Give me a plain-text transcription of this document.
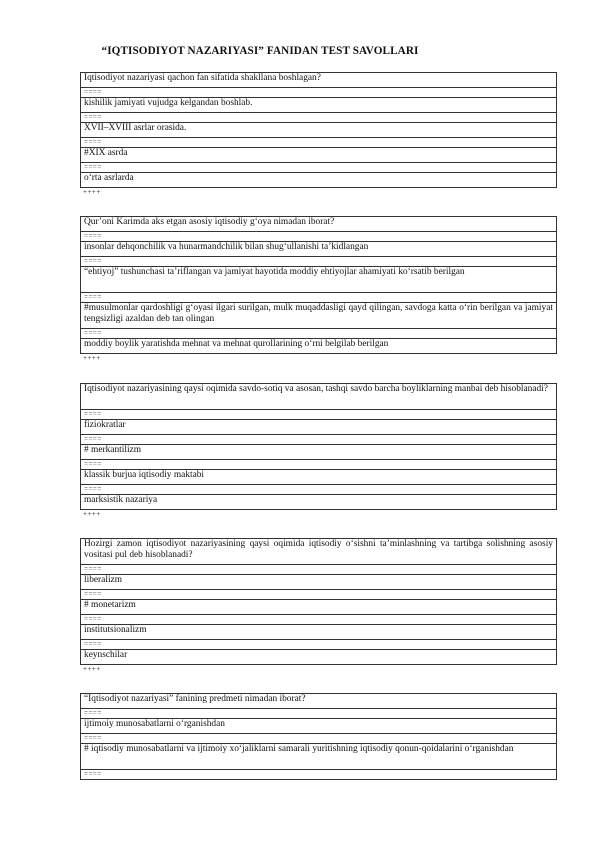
“IQTISODIYOT NAZARIYASI” FANIDAN TEST SAVOLLARI
Iqtisodiyot nazariyasi qachon fan sifatida shakllana boshlagan?
====
kishilik jamiyati vujudga kelgandan boshlab.
====
XVII–XVIII asrlar orasida.
====
#XIX asrda
====
o‘rta asrlarda
++++
Qur’oni Karimda aks etgan asosiy iqtisodiy g‘oya nimadan iborat?
====
insonlar dehqonchilik va hunarmandchilik bilan shug‘ullanishi ta’kidlangan
====
“ehtiyoj” tushunchasi ta’riflangan va jamiyat hayotida moddiy ehtiyojlar ahamiyati ko‘rsatib berilgan
====
#musulmonlar qardoshligi g‘oyasi ilgari surilgan, mulk muqaddasligi qayd qilingan, savdoga katta o‘rin berilgan va jamiyat tengsizligi azaldan deb tan olingan
====
moddiy boylik yaratishda mehnat va mehnat qurollarining o‘rni belgilab berilgan
++++
Iqtisodiyot nazariyasining qaysi oqimida savdo-sotiq va asosan, tashqi savdo barcha boyliklarning manbai deb hisoblanadi?
====
fiziokratlar
====
# merkantilizm
====
klassik burjua iqtisodiy maktabi
====
marksistik nazariya
++++
Hozirgi zamon iqtisodiyot nazariyasining qaysi oqimida iqtisodiy o‘sishni ta’minlashning va tartibga solishning asosiy vositasi pul deb hisoblanadi?
====
liberalizm
====
# monetarizm
====
institutsionalizm
====
keynschilar
++++
“Iqtisodiyot nazariyasi” fanining predmeti nimadan iborat?
====
ijtimoiy munosabatlarni o‘rganishdan
====
# iqtisodiy munosabatlarni va ijtimoiy xo‘jaliklarni samarali yuritishning iqtisodiy qonun-qoidalarini o‘rganishdan
====
